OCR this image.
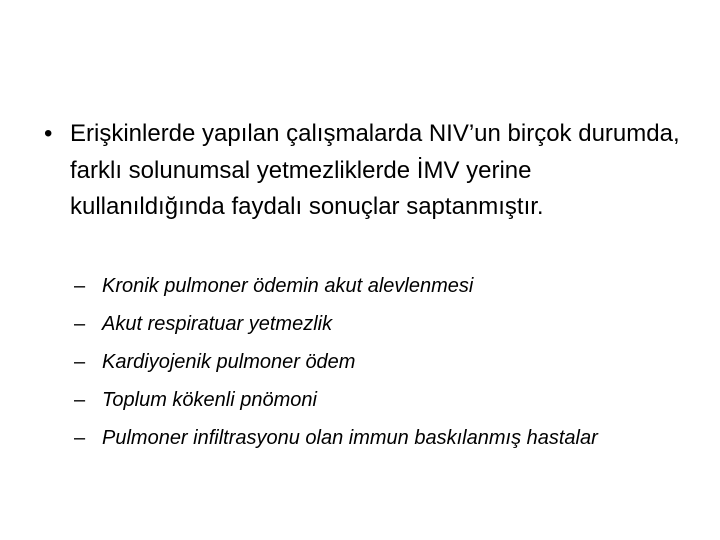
• Erişkinlerde yapılan çalışmalarda NIV’un birçok durumda, farklı solunumsal yetmezliklerde İMV yerine kullanıldığında faydalı sonuçlar saptanmıştır.
– Kronik pulmoner ödemin akut alevlenmesi
– Akut respiratuar yetmezlik
– Kardiyojenik pulmoner ödem
– Toplum kökenli pnömoni
– Pulmoner infiltrasyonu olan immun baskılanmış hastalar
